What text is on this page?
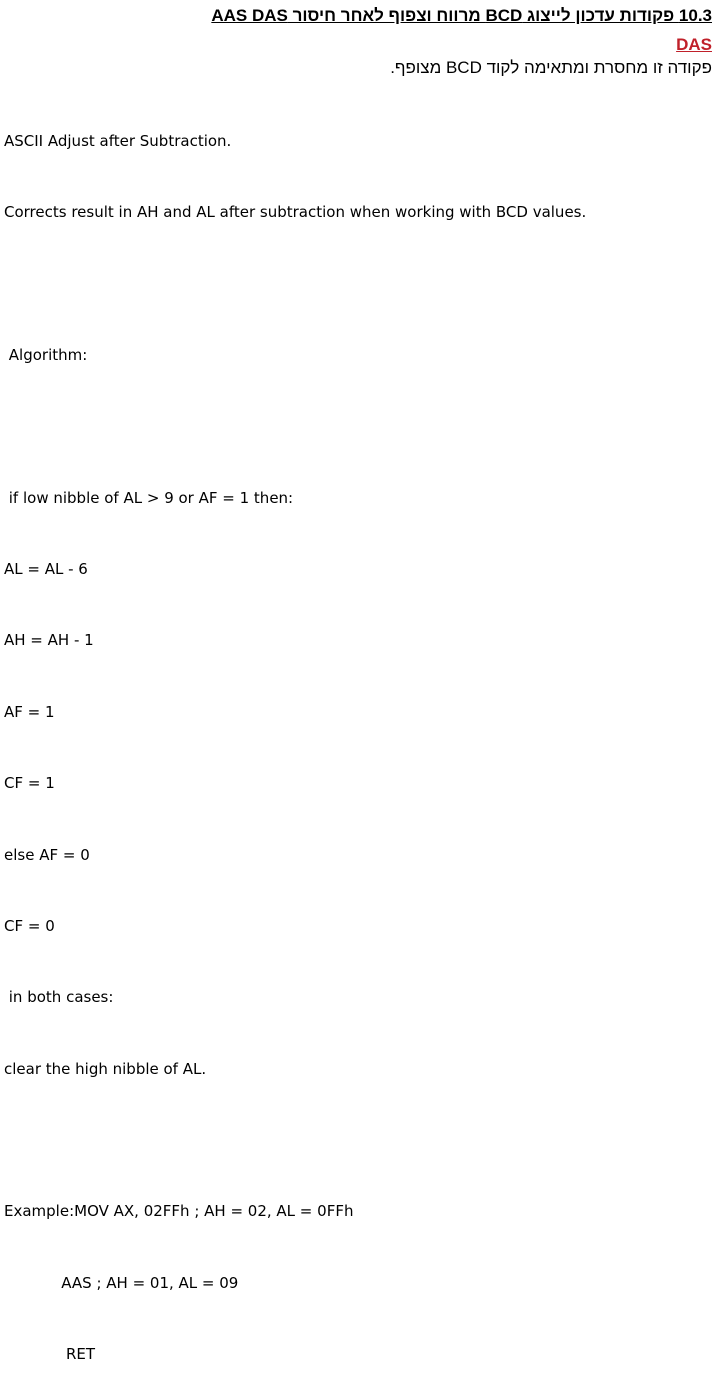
10.3 פקודות עדכון לייצוג BCD מרווח וצפוף לאחר חיסור AAS DAS
DAS
פקודה זו מחסרת ומתאימה לקוד BCD מצופף.

ASCII Adjust after Subtraction.

Corrects result in AH and AL after subtraction when working with BCD values.

Algorithm:

if low nibble of AL > 9 or AF = 1 then:

AL = AL - 6

AH = AH - 1

AF = 1

CF = 1

else AF = 0

CF = 0

in both cases:

clear the high nibble of AL.

Example:MOV AX, 02FFh ; AH = 02, AL = 0FFh

AAS ; AH = 01, AL = 09

RET
